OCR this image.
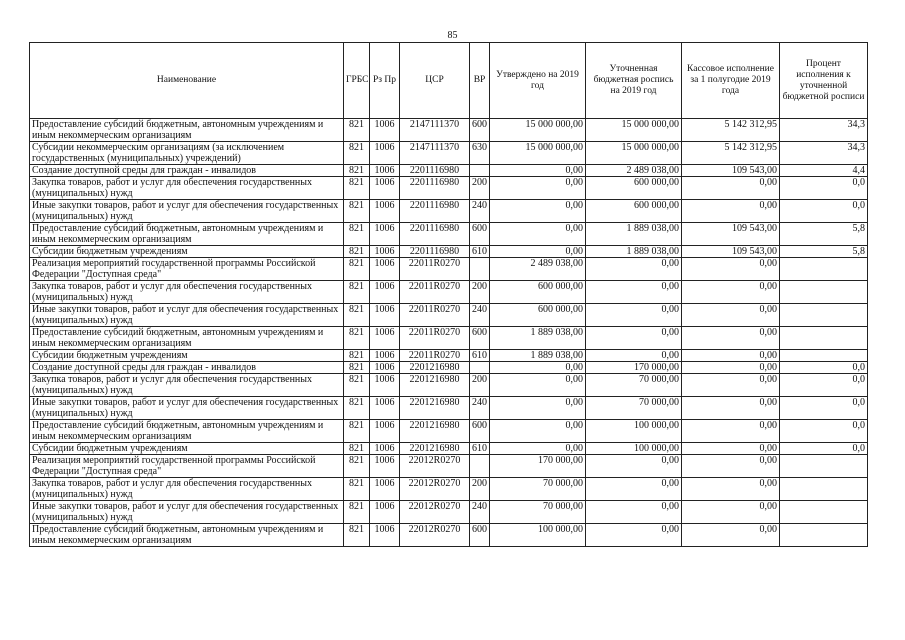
85
Наименование	ГРБС	Рз Пр	ЦСР	ВР	Утверждено на 2019 год	Уточненная бюджетная роспись на 2019 год	Кассовое исполнение за 1 полугодие 2019 года	Процент исполнения к уточненной бюджетной росписи
Предоставление субсидий бюджетным, автономным учреждениям и иным некоммерческим организациям	821	1006	2147111370	600	15 000 000,00	15 000 000,00	5 142 312,95	34,3
Субсидии некоммерческим организациям (за исключением государственных (муниципальных) учреждений)	821	1006	2147111370	630	15 000 000,00	15 000 000,00	5 142 312,95	34,3
Создание доступной среды для граждан - инвалидов	821	1006	2201116980		0,00	2 489 038,00	109 543,00	4,4
Закупка товаров, работ и услуг для обеспечения государственных (муниципальных) нужд	821	1006	2201116980	200	0,00	600 000,00	0,00	0,0
Иные закупки товаров, работ и услуг для обеспечения государственных (муниципальных) нужд	821	1006	2201116980	240	0,00	600 000,00	0,00	0,0
Предоставление субсидий бюджетным, автономным учреждениям и иным некоммерческим организациям	821	1006	2201116980	600	0,00	1 889 038,00	109 543,00	5,8
Субсидии бюджетным учреждениям	821	1006	2201116980	610	0,00	1 889 038,00	109 543,00	5,8
Реализация мероприятий государственной программы Российской Федерации "Доступная среда"	821	1006	22011R0270		2 489 038,00	0,00	0,00	
Закупка товаров, работ и услуг для обеспечения государственных (муниципальных) нужд	821	1006	22011R0270	200	600 000,00	0,00	0,00	
Иные закупки товаров, работ и услуг для обеспечения государственных (муниципальных) нужд	821	1006	22011R0270	240	600 000,00	0,00	0,00	
Предоставление субсидий бюджетным, автономным учреждениям и иным некоммерческим организациям	821	1006	22011R0270	600	1 889 038,00	0,00	0,00	
Субсидии бюджетным учреждениям	821	1006	22011R0270	610	1 889 038,00	0,00	0,00	
Создание доступной среды для граждан - инвалидов	821	1006	2201216980		0,00	170 000,00	0,00	0,0
Закупка товаров, работ и услуг для обеспечения государственных (муниципальных) нужд	821	1006	2201216980	200	0,00	70 000,00	0,00	0,0
Иные закупки товаров, работ и услуг для обеспечения государственных (муниципальных) нужд	821	1006	2201216980	240	0,00	70 000,00	0,00	0,0
Предоставление субсидий бюджетным, автономным учреждениям и иным некоммерческим организациям	821	1006	2201216980	600	0,00	100 000,00	0,00	0,0
Субсидии бюджетным учреждениям	821	1006	2201216980	610	0,00	100 000,00	0,00	0,0
Реализация мероприятий государственной программы Российской Федерации "Доступная среда"	821	1006	22012R0270		170 000,00	0,00	0,00	
Закупка товаров, работ и услуг для обеспечения государственных (муниципальных) нужд	821	1006	22012R0270	200	70 000,00	0,00	0,00	
Иные закупки товаров, работ и услуг для обеспечения государственных (муниципальных) нужд	821	1006	22012R0270	240	70 000,00	0,00	0,00	
Предоставление субсидий бюджетным, автономным учреждениям и иным некоммерческим организациям	821	1006	22012R0270	600	100 000,00	0,00	0,00	
